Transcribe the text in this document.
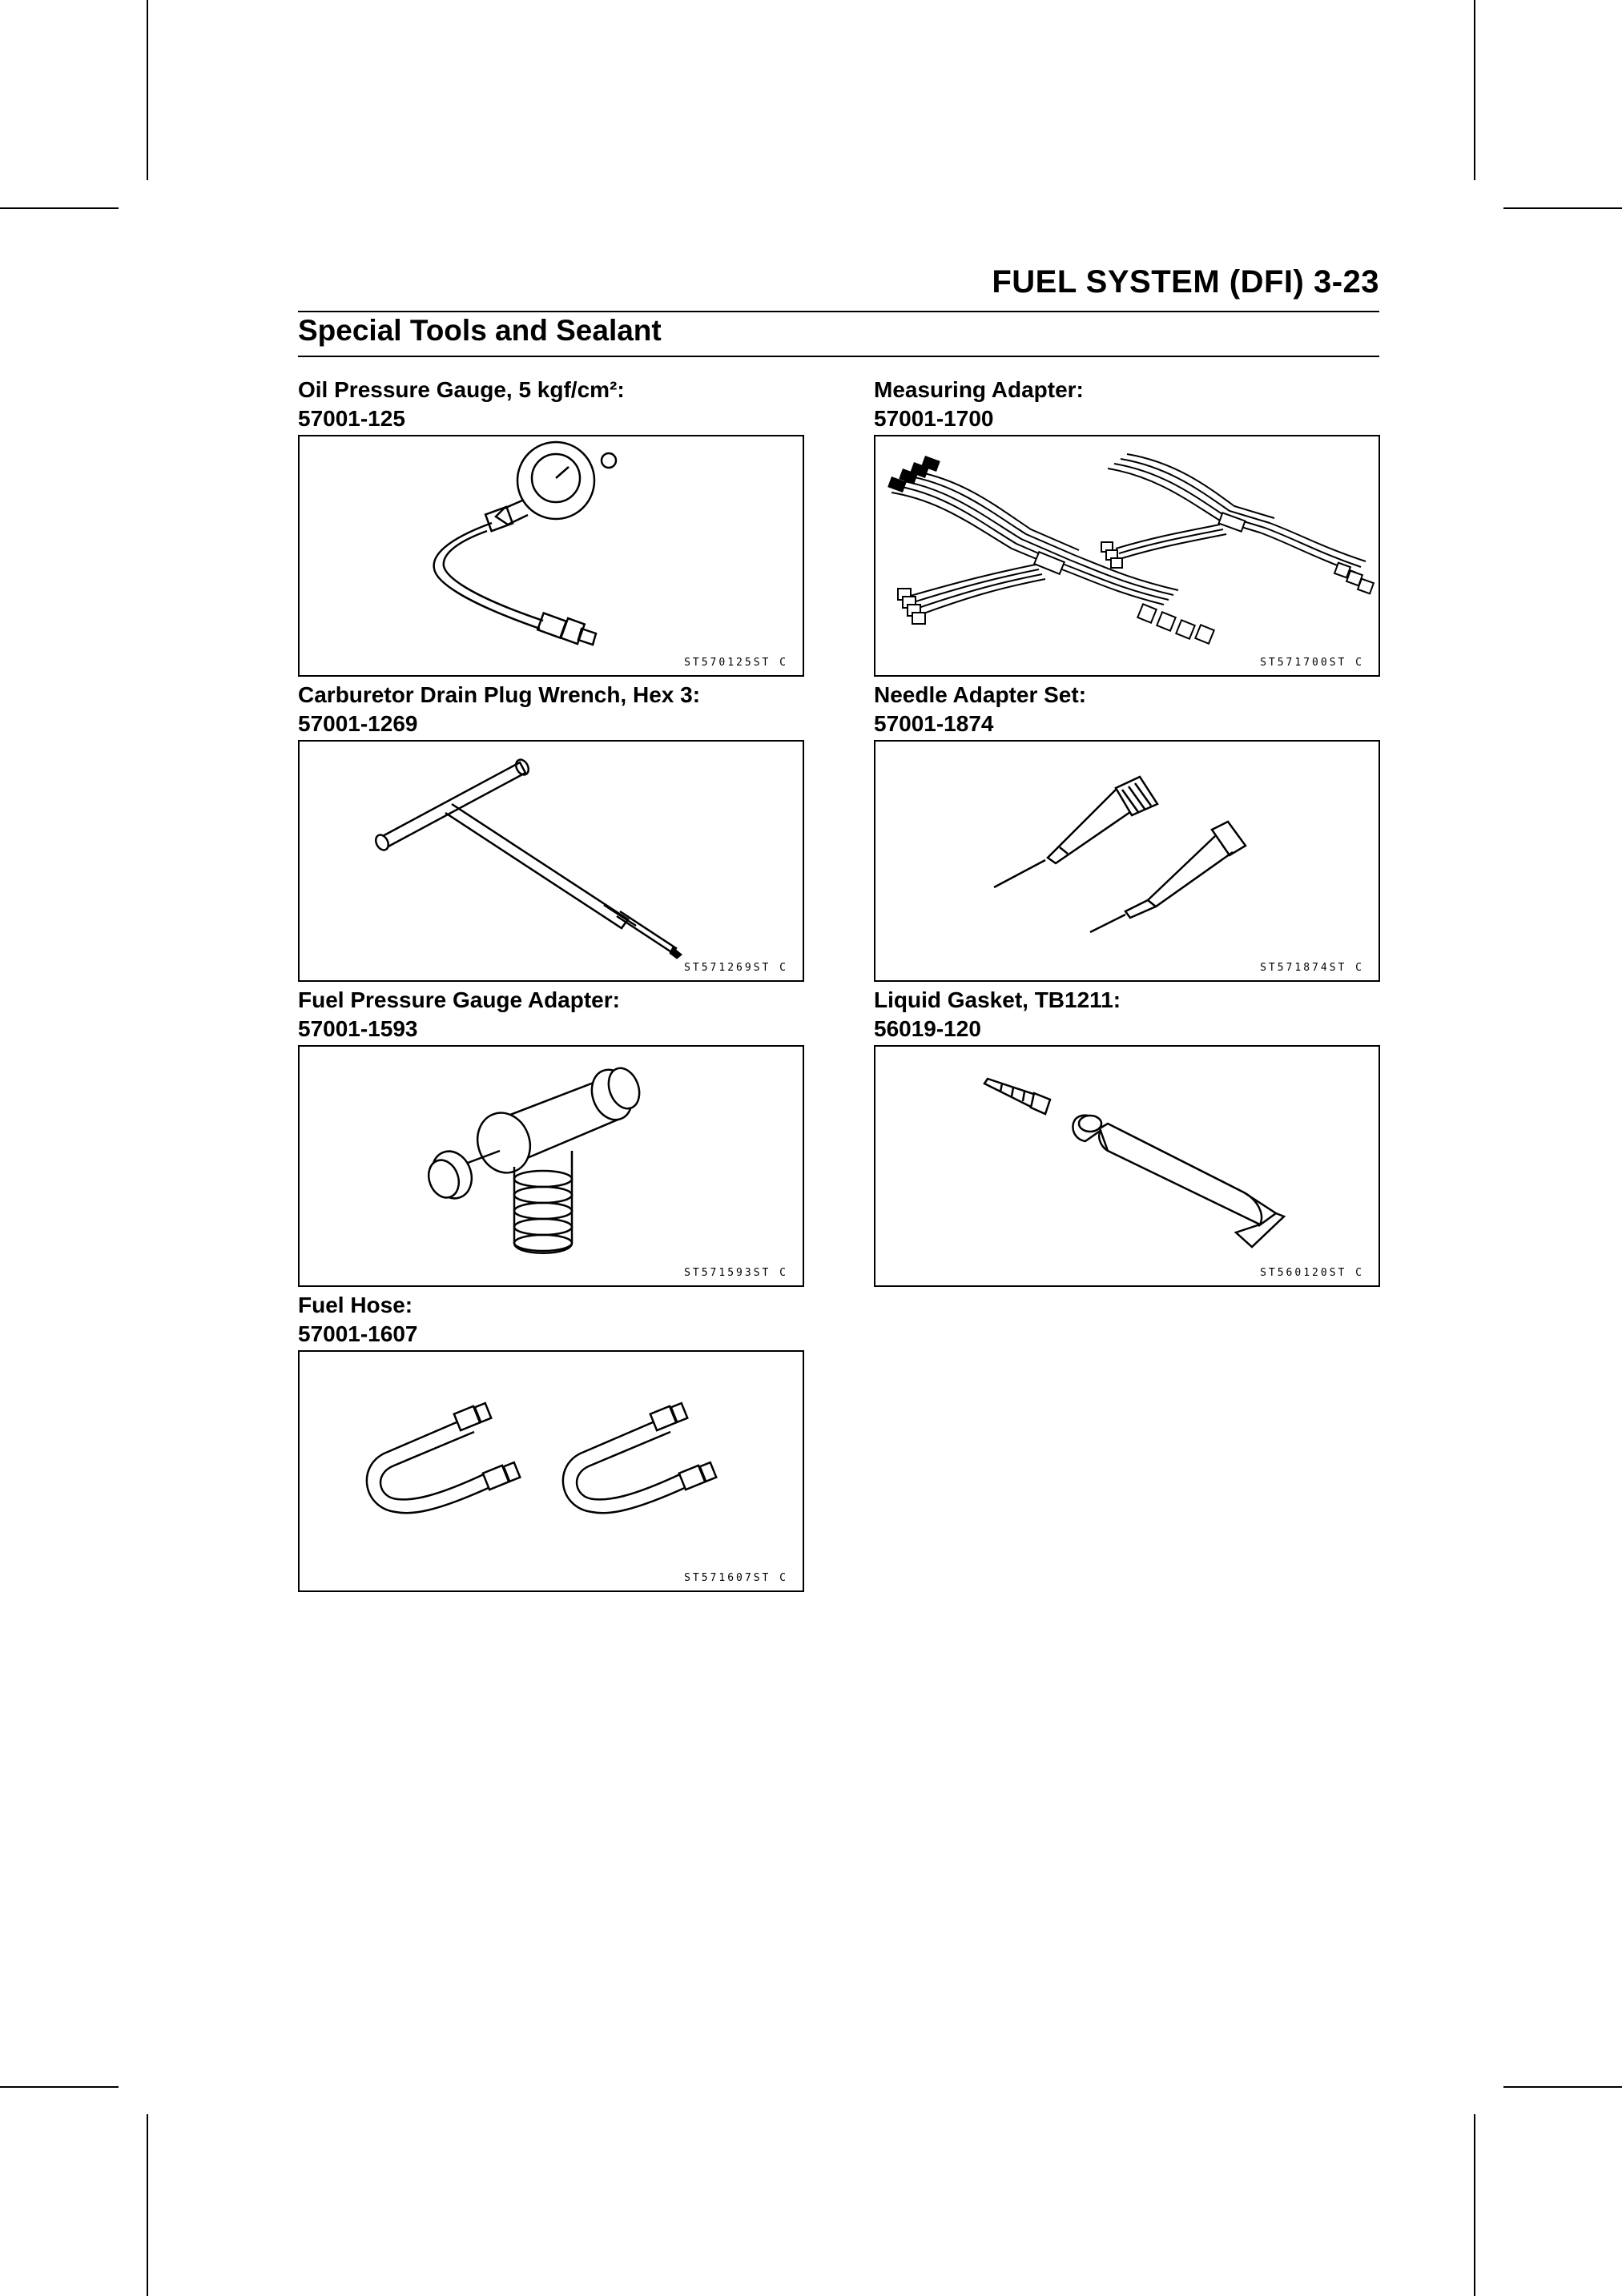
FUEL SYSTEM (DFI) 3-23
Special Tools and Sealant
Oil Pressure Gauge, 5 kgf/cm²:
57001-125
ST570125ST C
Measuring Adapter:
57001-1700
ST571700ST C
Carburetor Drain Plug Wrench, Hex 3:
57001-1269
ST571269ST C
Needle Adapter Set:
57001-1874
ST571874ST C
Fuel Pressure Gauge Adapter:
57001-1593
ST571593ST C
Liquid Gasket, TB1211:
56019-120
ST560120ST C
Fuel Hose:
57001-1607
ST571607ST C
